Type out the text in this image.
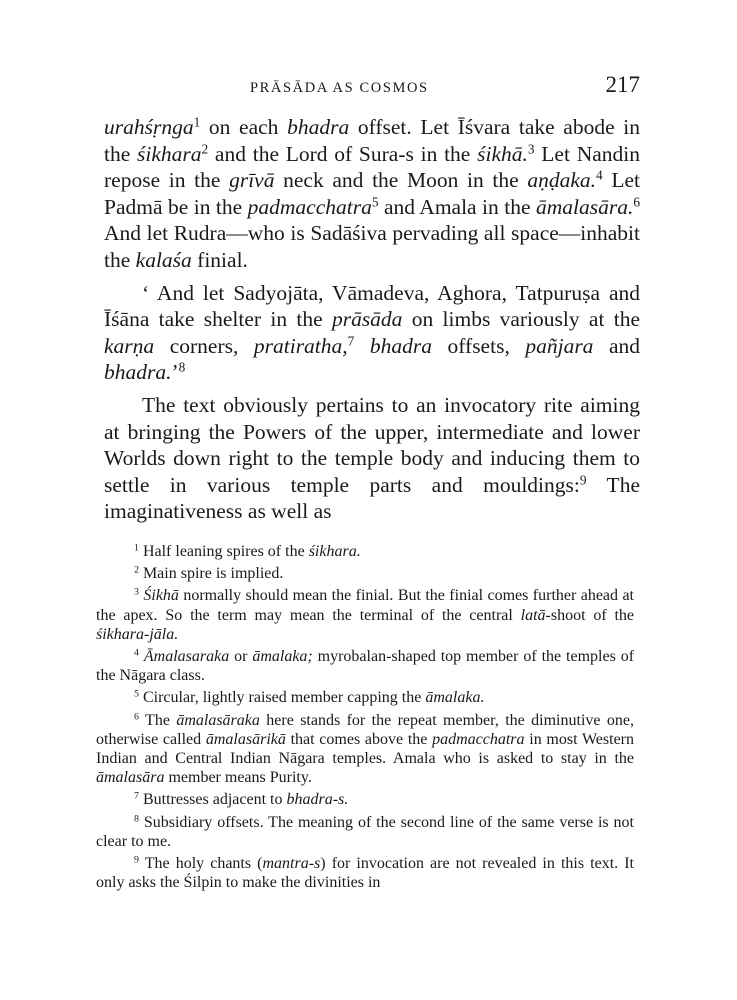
PRĀSĀDA AS COSMOS	217

urahśṛnga$^1$ on each bhadra offset. Let Īśvara take abode in the śikhara$^2$ and the Lord of Sura-s in the śikhā.$^3$ Let Nandin repose in the grīvā neck and the Moon in the aṇḍaka.$^4$ Let Padmā be in the padmacchatra$^5$ and Amala in the āmalasāra.$^6$ And let Rudra—who is Sadāśiva pervading all space—inhabit the kalaśa finial.

‘ And let Sadyojāta, Vāmadeva, Aghora, Tatpuruṣa and Īśāna take shelter in the prāsāda on limbs variously at the karṇa corners, pratiratha,$^7$ bhadra offsets, pañjara and bhadra.’$^8$

The text obviously pertains to an invocatory rite aiming at bringing the Powers of the upper, intermediate and lower Worlds down right to the temple body and inducing them to settle in various temple parts and mouldings:$^9$ The imaginativeness as well as

$^1$ Half leaning spires of the śikhara.

$^2$ Main spire is implied.

$^3$ Śikhā normally should mean the finial. But the finial comes further ahead at the apex. So the term may mean the terminal of the central latā-shoot of the śikhara-jāla.

$^4$ Āmalasaraka or āmalaka; myrobalan-shaped top member of the temples of the Nāgara class.

$^5$ Circular, lightly raised member capping the āmalaka.

$^6$ The āmalasāraka here stands for the repeat member, the diminutive one, otherwise called āmalasārikā that comes above the padmacchatra in most Western Indian and Central Indian Nāgara temples. Amala who is asked to stay in the āmalasāra member means Purity.

$^7$ Buttresses adjacent to bhadra-s.

$^8$ Subsidiary offsets. The meaning of the second line of the same verse is not clear to me.

$^9$ The holy chants (mantra-s) for invocation are not revealed in this text. It only asks the Śilpin to make the divinities in
